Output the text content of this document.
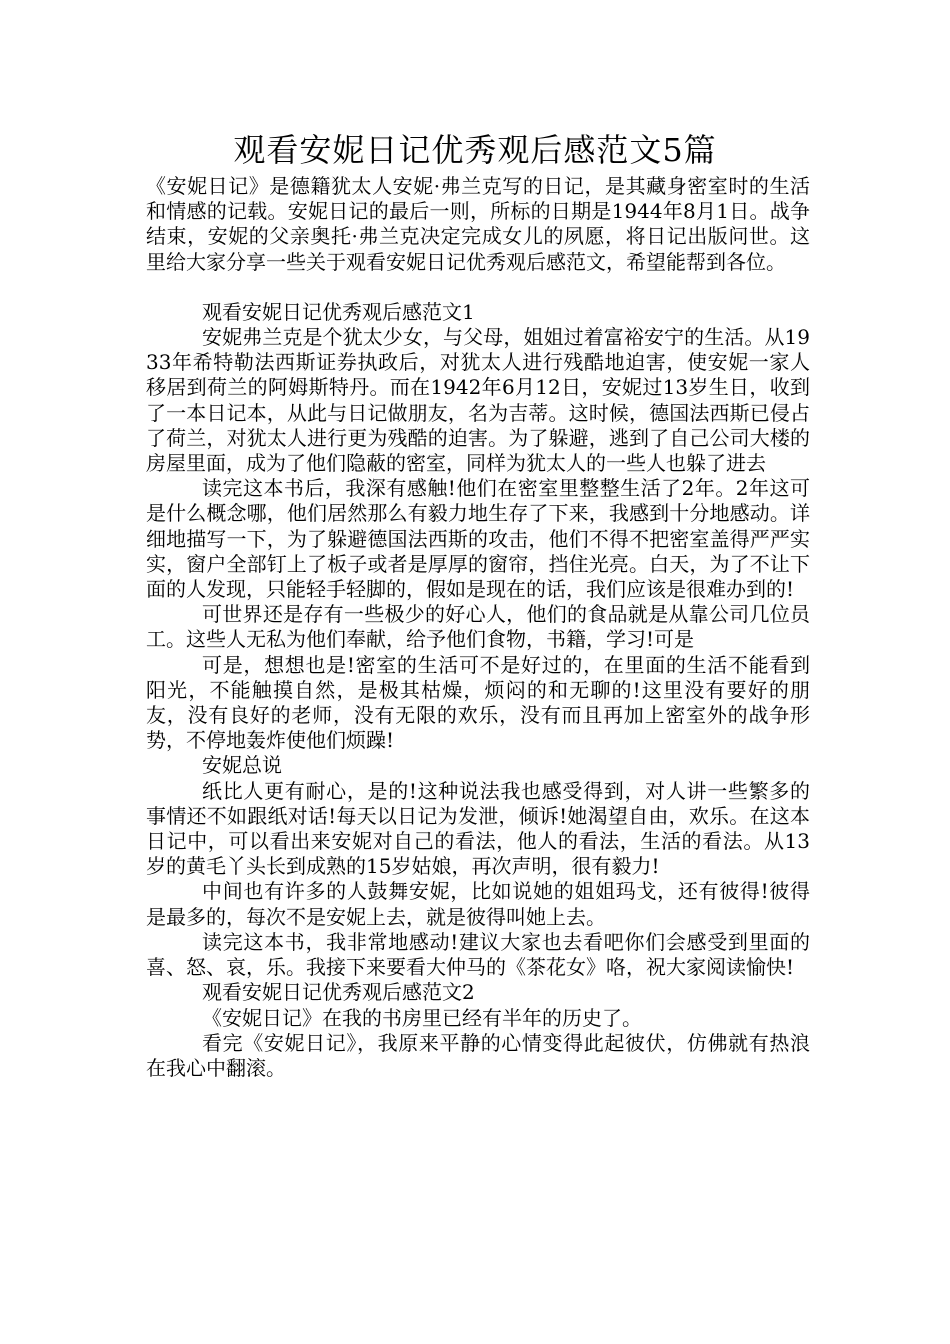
观看安妮日记优秀观后感范文5篇

《安妮日记》是德籍犹太人安妮·弗兰克写的日记，是其藏身密室时的生活和情感的记载。安妮日记的最后一则，所标的日期是1944年8月1日。战争结束，安妮的父亲奥托·弗兰克决定完成女儿的夙愿，将日记出版问世。这里给大家分享一些关于观看安妮日记优秀观后感范文，希望能帮到各位。

观看安妮日记优秀观后感范文1

安妮弗兰克是个犹太少女，与父母，姐姐过着富裕安宁的生活。从1933年希特勒法西斯证券执政后，对犹太人进行残酷地迫害，使安妮一家人移居到荷兰的阿姆斯特丹。而在1942年6月12日，安妮过13岁生日，收到了一本日记本，从此与日记做朋友，名为吉蒂。这时候，德国法西斯已侵占了荷兰，对犹太人进行更为残酷的迫害。为了躲避，逃到了自己公司大楼的房屋里面，成为了他们隐蔽的密室，同样为犹太人的一些人也躲了进去

读完这本书后，我深有感触!他们在密室里整整生活了2年。2年这可是什么概念哪，他们居然那么有毅力地生存了下来，我感到十分地感动。详细地描写一下，为了躲避德国法西斯的攻击，他们不得不把密室盖得严严实实，窗户全部钉上了板子或者是厚厚的窗帘，挡住光亮。白天，为了不让下面的人发现，只能轻手轻脚的，假如是现在的话，我们应该是很难办到的!

可世界还是存有一些极少的好心人，他们的食品就是从靠公司几位员工。这些人无私为他们奉献，给予他们食物，书籍，学习!可是

可是，想想也是!密室的生活可不是好过的，在里面的生活不能看到阳光，不能触摸自然，是极其枯燥，烦闷的和无聊的!这里没有要好的朋友，没有良好的老师，没有无限的欢乐，没有而且再加上密室外的战争形势，不停地轰炸使他们烦躁!

安妮总说

纸比人更有耐心，是的!这种说法我也感受得到，对人讲一些繁多的事情还不如跟纸对话!每天以日记为发泄，倾诉!她渴望自由，欢乐。在这本日记中，可以看出来安妮对自己的看法，他人的看法，生活的看法。从13岁的黄毛丫头长到成熟的15岁姑娘，再次声明，很有毅力!

中间也有许多的人鼓舞安妮，比如说她的姐姐玛戈，还有彼得!彼得是最多的，每次不是安妮上去，就是彼得叫她上去。

读完这本书，我非常地感动!建议大家也去看吧你们会感受到里面的喜、怒、哀，乐。我接下来要看大仲马的《茶花女》咯，祝大家阅读愉快!

观看安妮日记优秀观后感范文2

《安妮日记》在我的书房里已经有半年的历史了。

看完《安妮日记》，我原来平静的心情变得此起彼伏，仿佛就有热浪在我心中翻滚。
